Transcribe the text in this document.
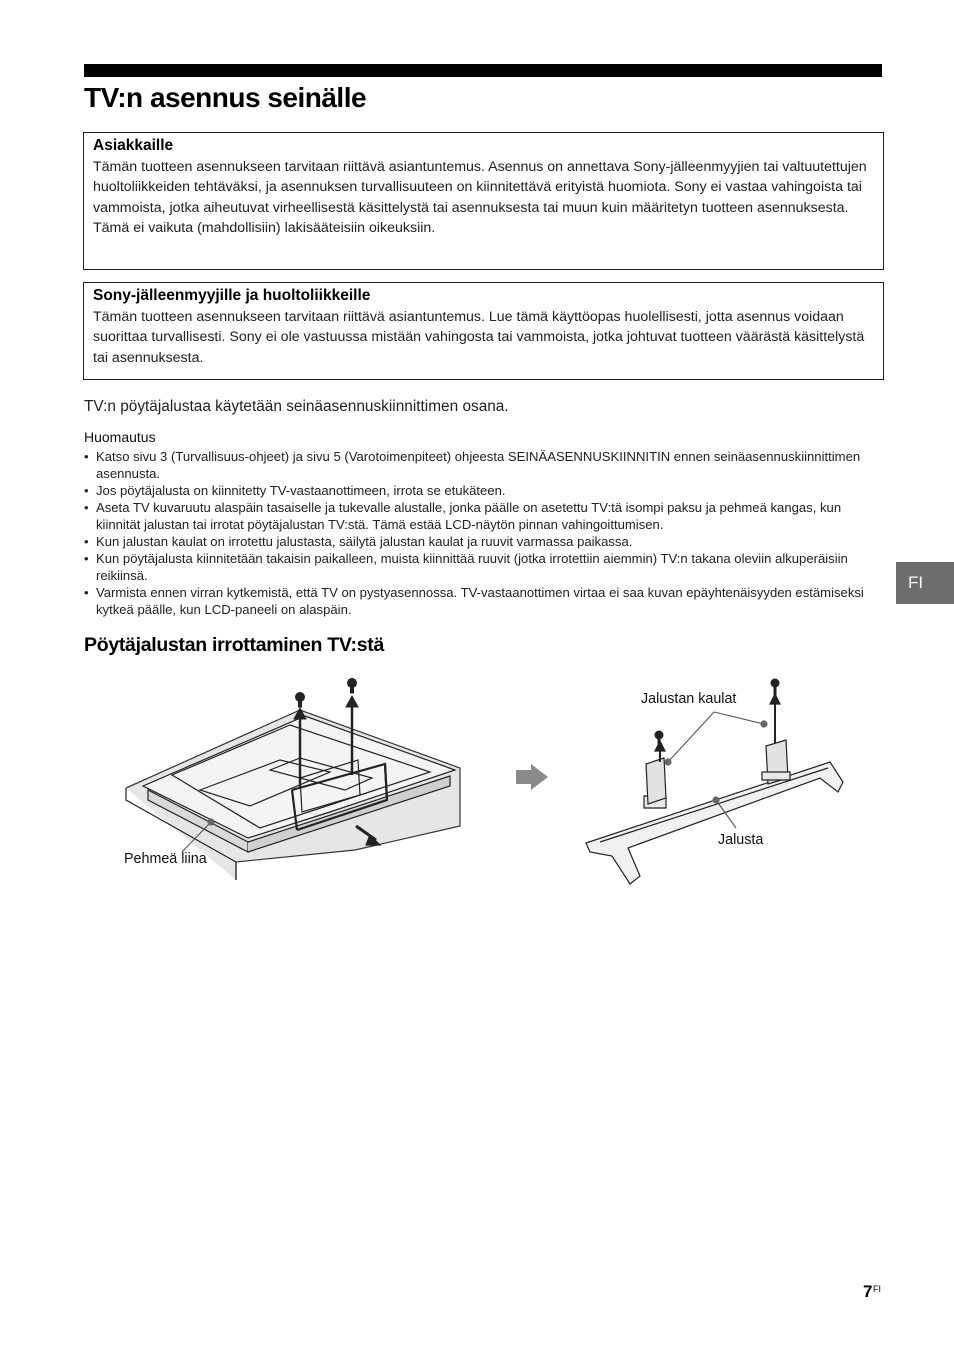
TV:n asennus seinälle
Asiakkaille

Tämän tuotteen asennukseen tarvitaan riittävä asiantuntemus. Asennus on annettava Sony-jälleenmyyjien tai valtuutettujen huoltoliikkeiden tehtäväksi, ja asennuksen turvallisuuteen on kiinnitettävä erityistä huomiota. Sony ei vastaa vahingoista tai vammoista, jotka aiheutuvat virheellisestä käsittelystä tai asennuksesta tai muun kuin määritetyn tuotteen asennuksesta. Tämä ei vaikuta (mahdollisiin) lakisääteisiin oikeuksiin.

Sony-jälleenmyyjille ja huoltoliikkeille

Tämän tuotteen asennukseen tarvitaan riittävä asiantuntemus. Lue tämä käyttöopas huolellisesti, jotta asennus voidaan suorittaa turvallisesti. Sony ei ole vastuussa mistään vahingosta tai vammoista, jotka johtuvat tuotteen väärästä käsittelystä tai asennuksesta.

TV:n pöytäjalustaa käytetään seinäasennuskiinnittimen osana.

Huomautus

• Katso sivu 3 (Turvallisuus-ohjeet) ja sivu 5 (Varotoimenpiteet) ohjeesta SEINÄASENNUSKIINNITIN ennen seinäasennuskiinnittimen asennusta.
• Jos pöytäjalusta on kiinnitetty TV-vastaanottimeen, irrota se etukäteen.
• Aseta TV kuvaruutu alaspäin tasaiselle ja tukevalle alustalle, jonka päälle on asetettu TV:tä isompi paksu ja pehmeä kangas, kun kiinnität jalustan tai irrotat pöytäjalustan TV:stä. Tämä estää LCD-näytön pinnan vahingoittumisen.
• Kun jalustan kaulat on irrotettu jalustasta, säilytä jalustan kaulat ja ruuvit varmassa paikassa.
• Kun pöytäjalusta kiinnitetään takaisin paikalleen, muista kiinnittää ruuvit (jotka irrotettiin aiemmin) TV:n takana oleviin alkuperäisiin reikiinsä.
• Varmista ennen virran kytkemistä, että TV on pystyasennossa. TV-vastaanottimen virtaa ei saa kuvan epäyhtenäisyyden estämiseksi kytkeä päälle, kun LCD-paneeli on alaspäin.
Pöytäjalustan irrottaminen TV:stä
FI
Pehmeä liina
Jalustan kaulat
Jalusta
7 FI
